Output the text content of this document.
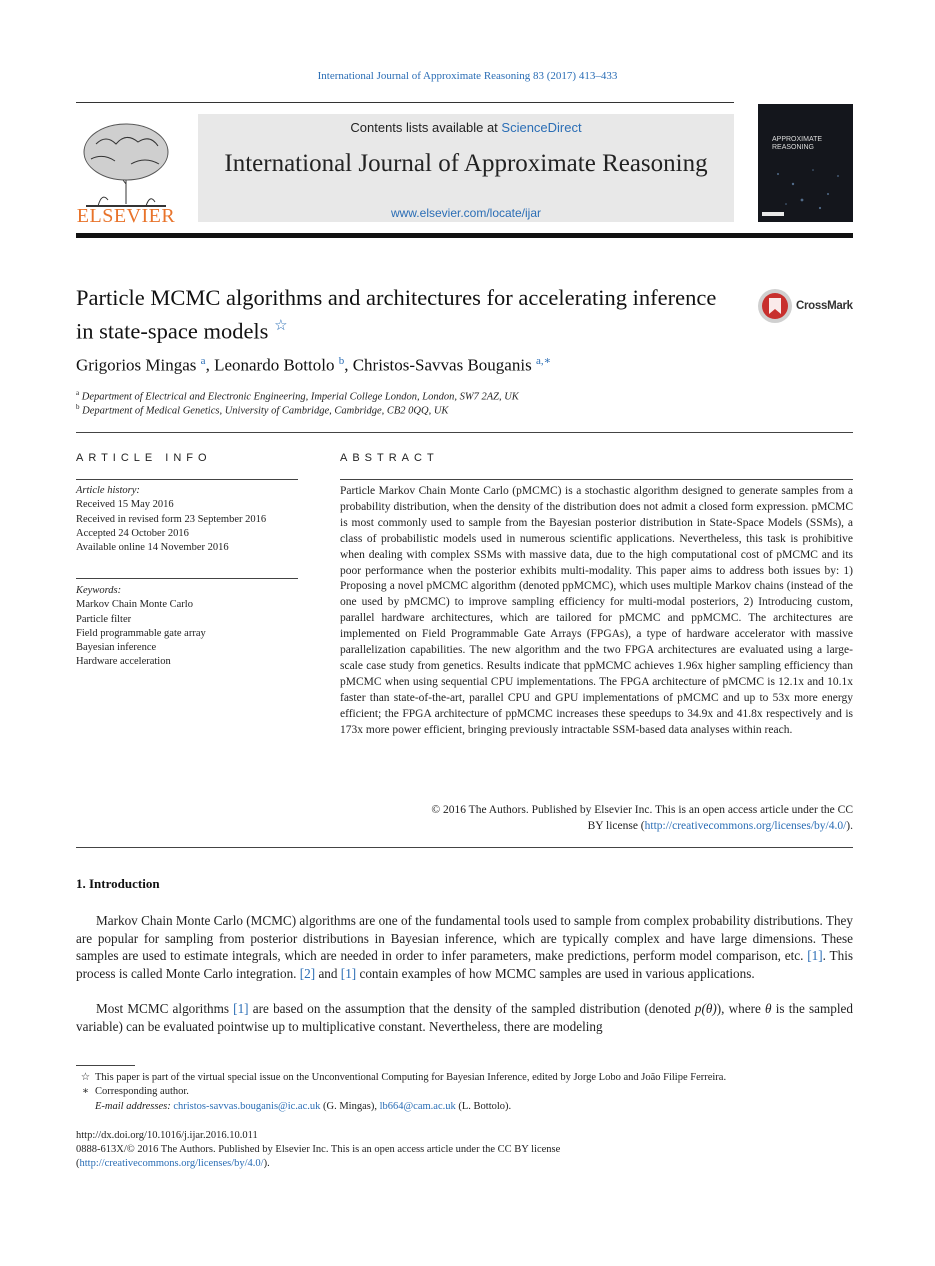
International Journal of Approximate Reasoning 83 (2017) 413–433
ELSEVIER
Contents lists available at ScienceDirect
International Journal of Approximate Reasoning
www.elsevier.com/locate/ijar
APPROXIMATE REASONING
Particle MCMC algorithms and architectures for accelerating inference in state-space models ☆
CrossMark
Grigorios Mingas $^a$, Leonardo Bottolo $^b$, Christos-Savvas Bouganis $^{a,∗}$
$^a$ Department of Electrical and Electronic Engineering, Imperial College London, London, SW7 2AZ, UK
$^b$ Department of Medical Genetics, University of Cambridge, Cambridge, CB2 0QQ, UK
ARTICLE INFO
Article history:
Received 15 May 2016
Received in revised form 23 September 2016
Accepted 24 October 2016
Available online 14 November 2016
Keywords:
Markov Chain Monte Carlo
Particle filter
Field programmable gate array
Bayesian inference
Hardware acceleration
ABSTRACT
Particle Markov Chain Monte Carlo (pMCMC) is a stochastic algorithm designed to generate samples from a probability distribution, when the density of the distribution does not admit a closed form expression. pMCMC is most commonly used to sample from the Bayesian posterior distribution in State-Space Models (SSMs), a class of probabilistic models used in numerous scientific applications. Nevertheless, this task is prohibitive when dealing with complex SSMs with massive data, due to the high computational cost of pMCMC and its poor performance when the posterior exhibits multi-modality. This paper aims to address both issues by: 1) Proposing a novel pMCMC algorithm (denoted ppMCMC), which uses multiple Markov chains (instead of the one used by pMCMC) to improve sampling efficiency for multi-modal posteriors, 2) Introducing custom, parallel hardware architectures, which are tailored for pMCMC and ppMCMC. The architectures are implemented on Field Programmable Gate Arrays (FPGAs), a type of hardware accelerator with massive parallelization capabilities. The new algorithm and the two FPGA architectures are evaluated using a large-scale case study from genetics. Results indicate that ppMCMC achieves 1.96x higher sampling efficiency than pMCMC when using sequential CPU implementations. The FPGA architecture of pMCMC is 12.1x and 10.1x faster than state-of-the-art, parallel CPU and GPU implementations of pMCMC and up to 53x more energy efficient; the FPGA architecture of ppMCMC increases these speedups to 34.9x and 41.8x respectively and is 173x more power efficient, bringing previously intractable SSM-based data analyses within reach.
© 2016 The Authors. Published by Elsevier Inc. This is an open access article under the CC
BY license (http://creativecommons.org/licenses/by/4.0/).
1. Introduction
Markov Chain Monte Carlo (MCMC) algorithms are one of the fundamental tools used to sample from complex probability distributions. They are popular for sampling from posterior distributions in Bayesian inference, which are typically complex and have large dimensions. These samples are used to estimate integrals, which are needed in order to infer parameters, make predictions, perform model comparison, etc. [1]. This process is called Monte Carlo integration. [2] and [1] contain examples of how MCMC samples are used in various applications.
Most MCMC algorithms [1] are based on the assumption that the density of the sampled distribution (denoted p(θ)), where θ is the sampled variable) can be evaluated pointwise up to multiplicative constant. Nevertheless, there are modeling
☆ This paper is part of the virtual special issue on the Unconventional Computing for Bayesian Inference, edited by Jorge Lobo and João Filipe Ferreira.
∗ Corresponding author.
E-mail addresses: christos-savvas.bouganis@ic.ac.uk (G. Mingas), lb664@cam.ac.uk (L. Bottolo).
http://dx.doi.org/10.1016/j.ijar.2016.10.011
0888-613X/© 2016 The Authors. Published by Elsevier Inc. This is an open access article under the CC BY license
(http://creativecommons.org/licenses/by/4.0/).
